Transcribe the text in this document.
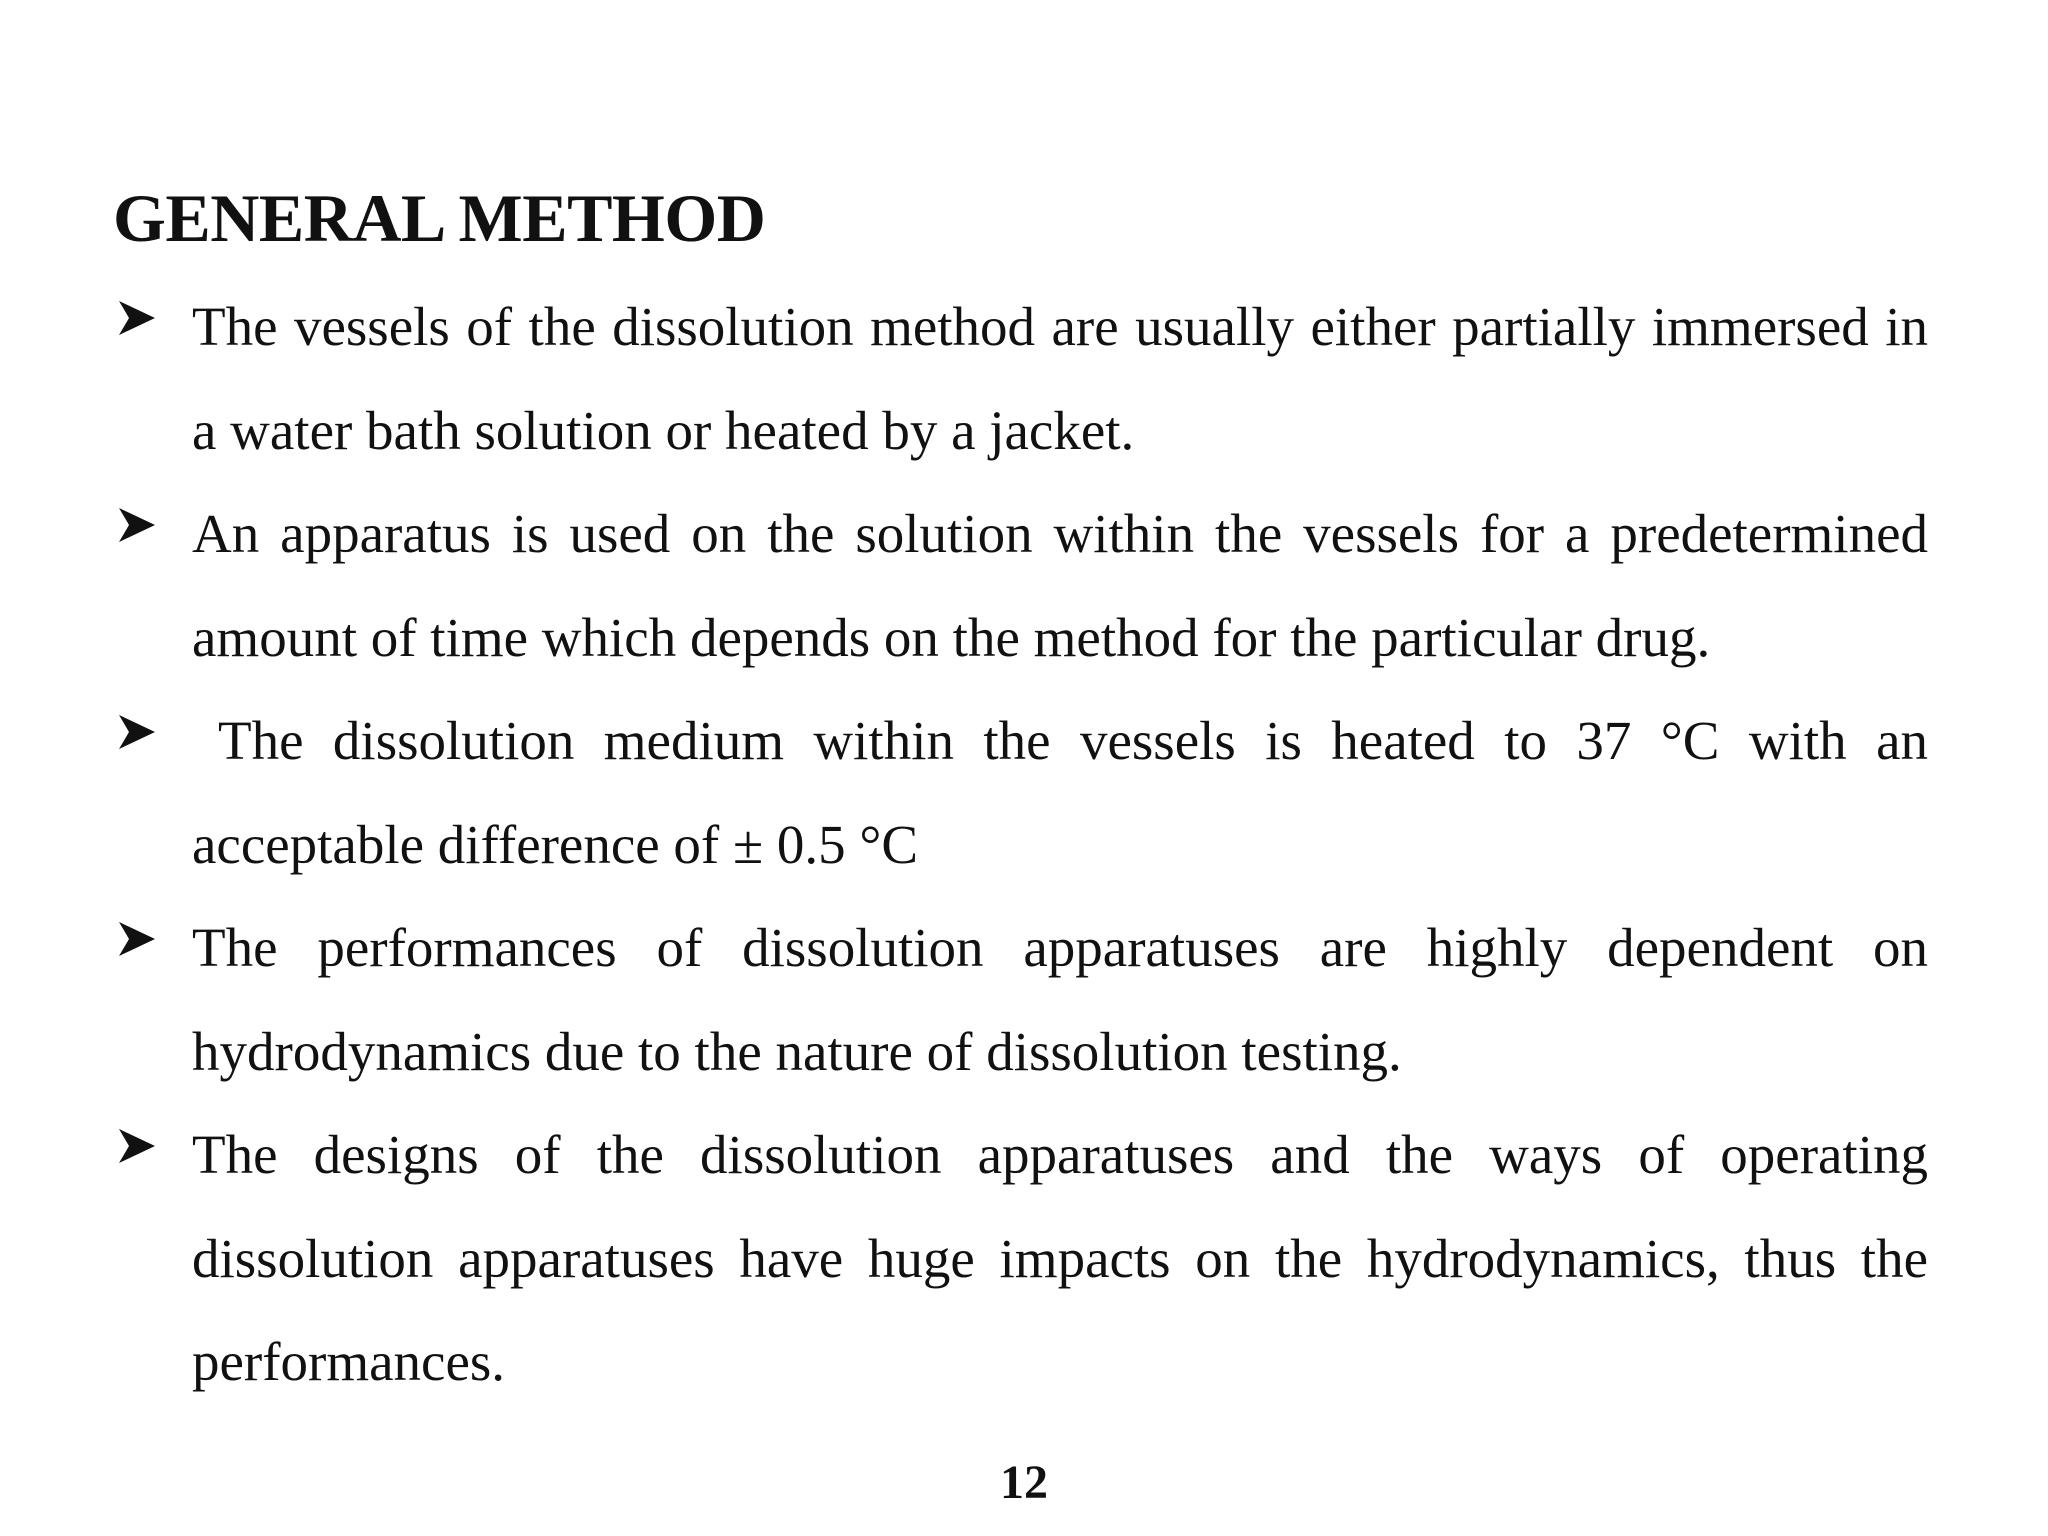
GENERAL METHOD
The vessels of the dissolution method are usually either partially immersed in a water bath solution or heated by a jacket.
An apparatus is used on the solution within the vessels for a predetermined amount of time which depends on the method for the particular drug.
The dissolution medium within the vessels is heated to 37 °C with an acceptable difference of ± 0.5 °C
The performances of dissolution apparatuses are highly dependent on hydrodynamics due to the nature of dissolution testing.
The designs of the dissolution apparatuses and the ways of operating dissolution apparatuses have huge impacts on the hydrodynamics, thus the performances.
12
